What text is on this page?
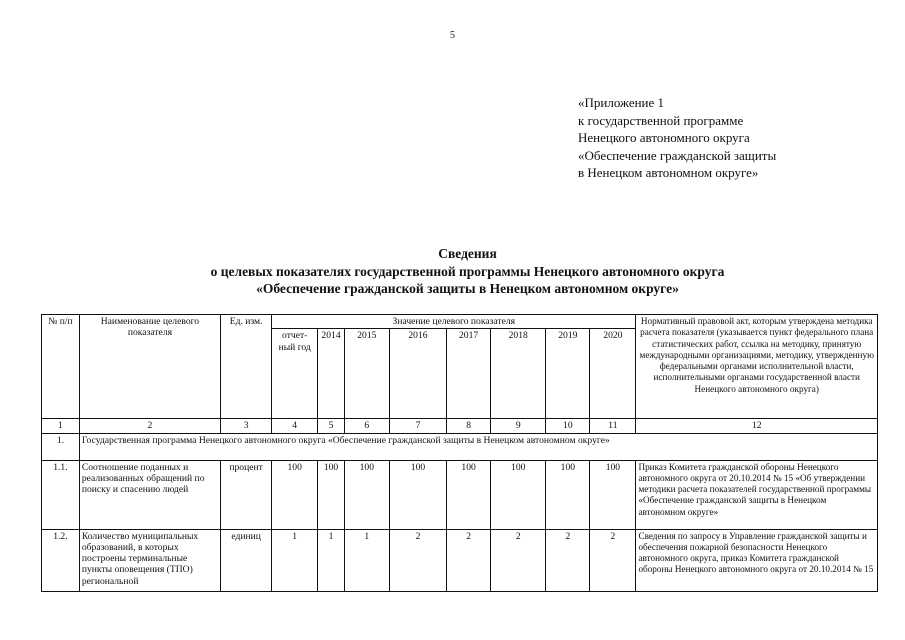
5
«Приложение 1
к государственной программе
Ненецкого автономного округа
«Обеспечение гражданской защиты
в Ненецком автономном округе»
Сведения
о целевых показателях государственной программы Ненецкого автономного округа
«Обеспечение гражданской защиты в Ненецком автономном округе»
№ п/п	Наименование целевого показателя	Ед. изм.	Значение целевого показателя								Нормативный правовой акт, которым утверждена методика расчета показателя (указывается пункт федерального плана статистических работ, ссылка на методику, принятую международными организациями, методику, утвержденную федеральными органами исполнительной власти, исполнительными органами государственной власти Ненецкого автономного округа)
			отчет-ный год	2014	2015	2016	2017	2018	2019	2020	
1	2	3	4	5	6	7	8	9	10	11	12
1.	Государственная программа Ненецкого автономного округа «Обеспечение гражданской защиты в Ненецком автономном округе»										
1.1.	Соотношение поданных и реализованных обращений по поиску и спасению людей	процент	100	100	100	100	100	100	100	100	Приказ Комитета гражданской обороны Ненецкого автономного округа от 20.10.2014 № 15 «Об утверждении методики расчета показателей государственной программы «Обеспечение гражданской защиты в Ненецком автономном округе»
1.2.	Количество муниципальных образований, в которых построены терминальные пункты оповещения (ТПО) региональной	единиц	1	1	1	2	2	2	2	2	Сведения по запросу в Управление гражданской защиты и обеспечения пожарной безопасности Ненецкого автономного округа, приказ Комитета гражданской обороны Ненецкого автономного округа от 20.10.2014 № 15
